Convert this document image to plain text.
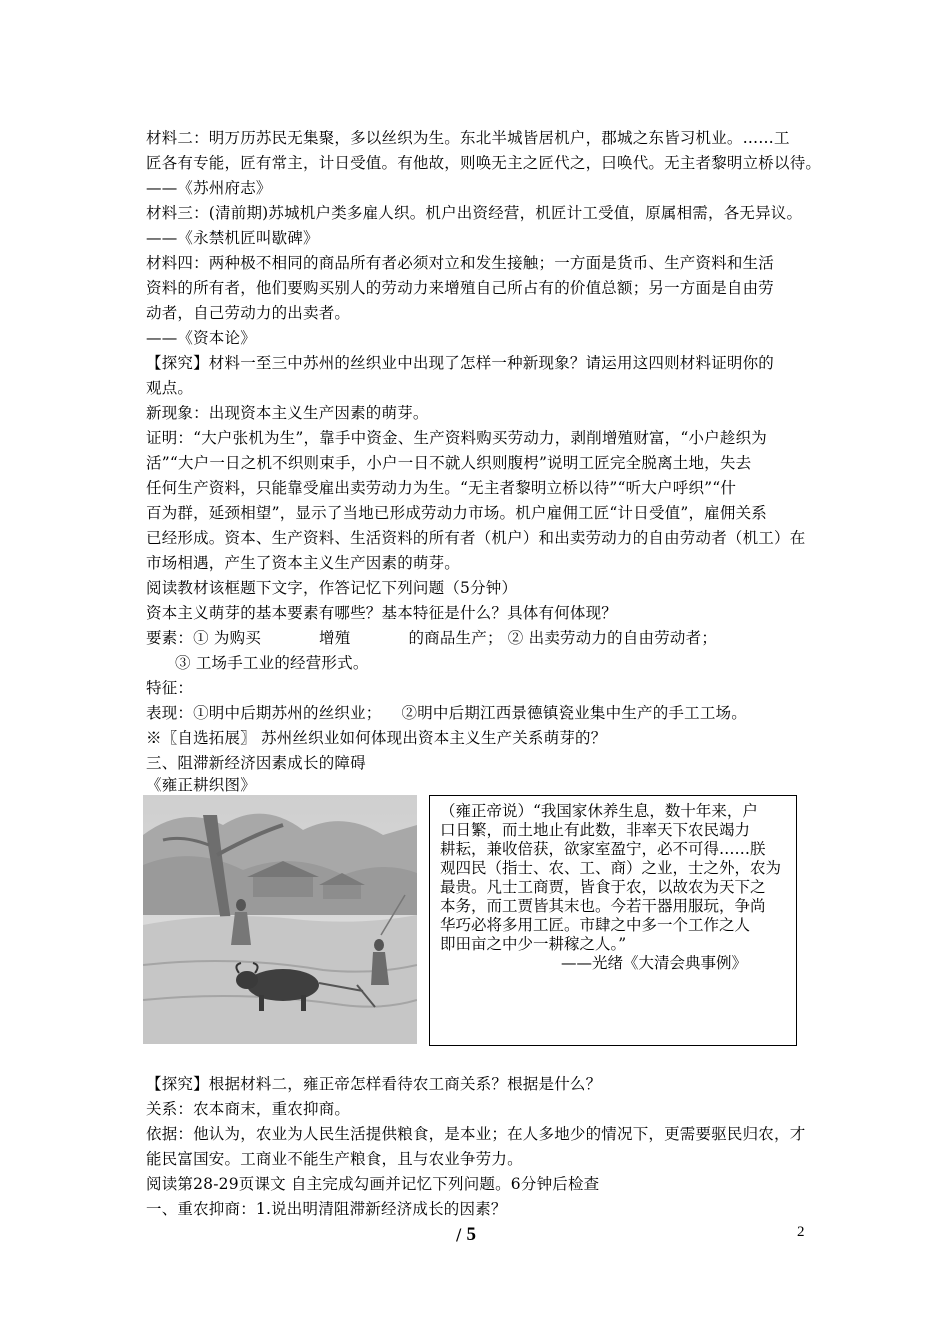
材料二：明万历苏民无集聚，多以丝织为生。东北半城皆居机户，郡城之东皆习机业。……工
匠各有专能，匠有常主，计日受值。有他故，则唤无主之匠代之，曰唤代。无主者黎明立桥以待。
——《苏州府志》
材料三：(清前期)苏城机户类多雇人织。机户出资经营，机匠计工受值，原属相需，各无异议。
——《永禁机匠叫歇碑》
材料四：两种极不相同的商品所有者必须对立和发生接触；一方面是货币、生产资料和生活
资料的所有者，他们要购买别人的劳动力来增殖自己所占有的价值总额；另一方面是自由劳
动者，自己劳动力的出卖者。
——《资本论》
【探究】材料一至三中苏州的丝织业中出现了怎样一种新现象？请运用这四则材料证明你的
观点。
新现象：出现资本主义生产因素的萌芽。
证明：“大户张机为生”，靠手中资金、生产资料购买劳动力，剥削增殖财富，“小户趁织为
活”“大户一日之机不织则束手，小户一日不就人织则腹枵”说明工匠完全脱离土地，失去
任何生产资料，只能靠受雇出卖劳动力为生。“无主者黎明立桥以待”“听大户呼织”“什
百为群，延颈相望”，显示了当地已形成劳动力市场。机户雇佣工匠“计日受值”，雇佣关系
已经形成。资本、生产资料、生活资料的所有者（机户）和出卖劳动力的自由劳动者（机工）在
市场相遇，产生了资本主义生产因素的萌芽。
阅读教材该框题下文字，作答记忆下列问题（5分钟）
资本主义萌芽的基本要素有哪些？基本特征是什么？具体有何体现？
要素：① 为购买	增殖	的商品生产； ② 出卖劳动力的自由劳动者；
③ 工场手工业的经营形式。
特征：
表现：①明中后期苏州的丝织业； ②明中后期江西景德镇瓷业集中生产的手工工场。
※〖自选拓展〗 苏州丝织业如何体现出资本主义生产关系萌芽的？
三、阻滞新经济因素成长的障碍
《雍正耕织图》
（雍正帝说）“我国家休养生息，数十年来，户
口日繁，而土地止有此数，非率天下农民竭力
耕耘，兼收倍获，欲家室盈宁，必不可得……朕
观四民（指士、农、工、商）之业，士之外，农为
最贵。凡士工商贾，皆食于农，以故农为天下之
本务，而工贾皆其末也。今若干器用服玩，争尚
华巧必将多用工匠。市肆之中多一个工作之人
即田亩之中少一耕稼之人。”
——光绪《大清会典事例》
【探究】根据材料二，雍正帝怎样看待农工商关系？根据是什么？
关系：农本商末，重农抑商。
依据：他认为，农业为人民生活提供粮食，是本业；在人多地少的情况下，更需要驱民归农，才
能民富国安。工商业不能生产粮食，且与农业争劳力。
阅读第28-29页课文 自主完成勾画并记忆下列问题。6分钟后检查
一、重农抑商：1.说出明清阻滞新经济成长的因素？
/ 5	2
